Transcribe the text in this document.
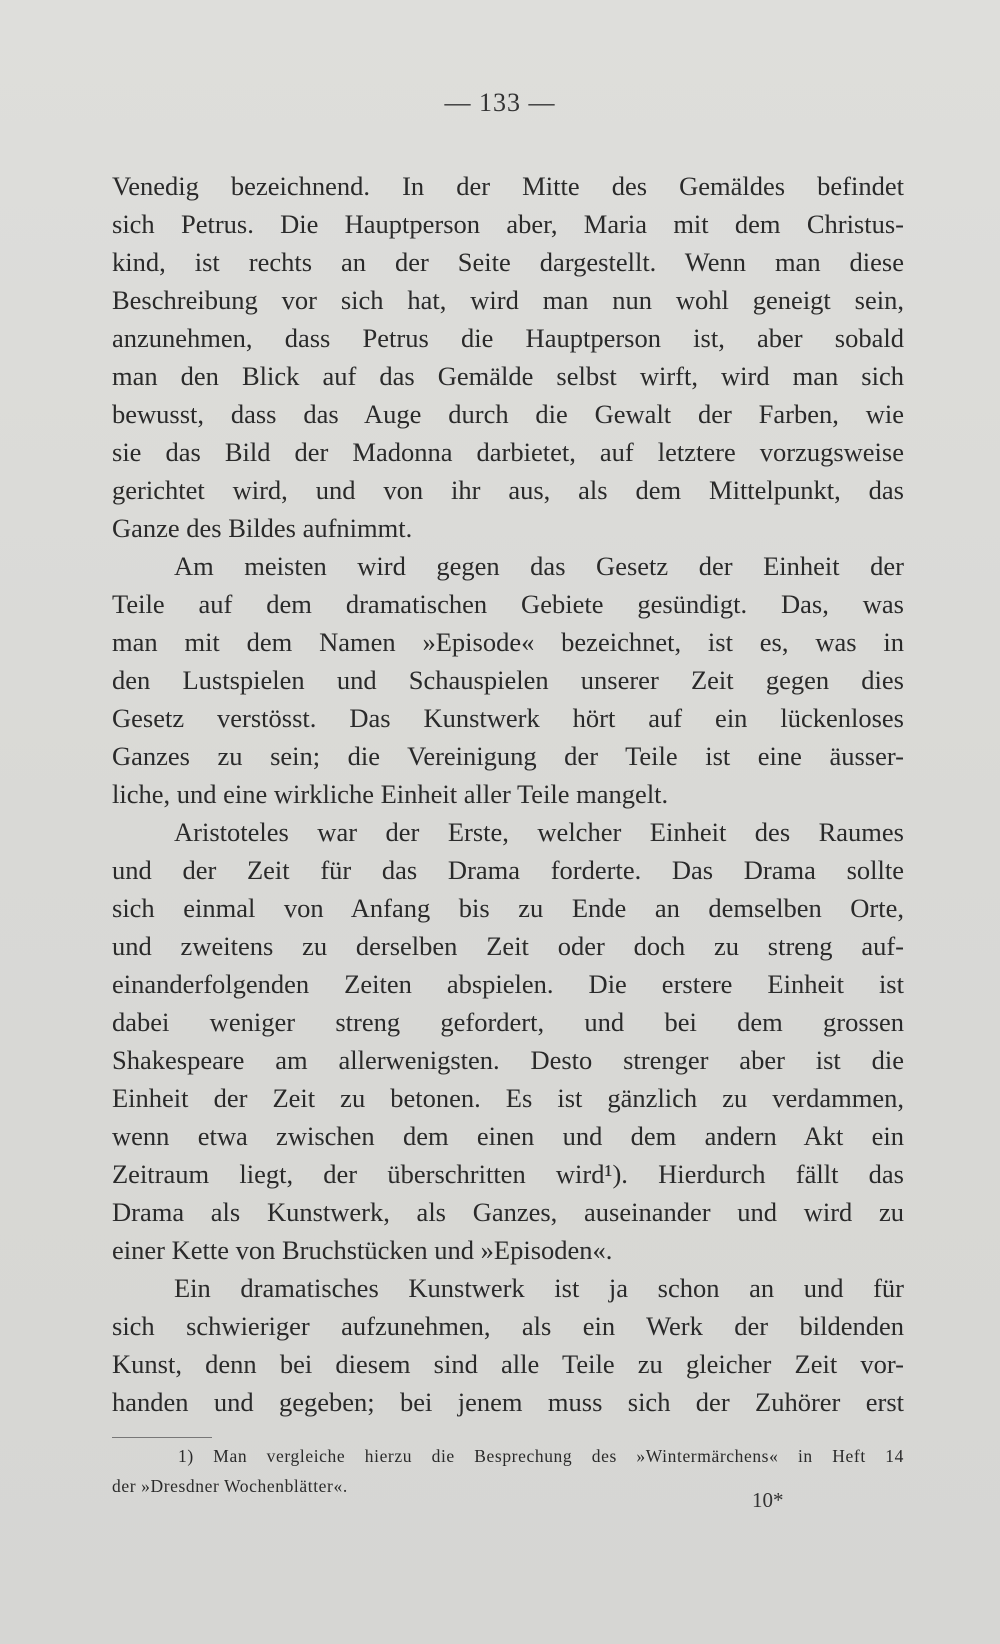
— 133 —
Venedig bezeichnend. In der Mitte des Gemäldes befindet
sich Petrus. Die Hauptperson aber, Maria mit dem Christus-
kind, ist rechts an der Seite dargestellt. Wenn man diese
Beschreibung vor sich hat, wird man nun wohl geneigt sein,
anzunehmen, dass Petrus die Hauptperson ist, aber sobald
man den Blick auf das Gemälde selbst wirft, wird man sich
bewusst, dass das Auge durch die Gewalt der Farben, wie
sie das Bild der Madonna darbietet, auf letztere vorzugsweise
gerichtet wird, und von ihr aus, als dem Mittelpunkt, das
Ganze des Bildes aufnimmt.
Am meisten wird gegen das Gesetz der Einheit der
Teile auf dem dramatischen Gebiete gesündigt. Das, was
man mit dem Namen »Episode« bezeichnet, ist es, was in
den Lustspielen und Schauspielen unserer Zeit gegen dies
Gesetz verstösst. Das Kunstwerk hört auf ein lückenloses
Ganzes zu sein; die Vereinigung der Teile ist eine äusser-
liche, und eine wirkliche Einheit aller Teile mangelt.
Aristoteles war der Erste, welcher Einheit des Raumes
und der Zeit für das Drama forderte. Das Drama sollte
sich einmal von Anfang bis zu Ende an demselben Orte,
und zweitens zu derselben Zeit oder doch zu streng auf-
einanderfolgenden Zeiten abspielen. Die erstere Einheit ist
dabei weniger streng gefordert, und bei dem grossen
Shakespeare am allerwenigsten. Desto strenger aber ist die
Einheit der Zeit zu betonen. Es ist gänzlich zu verdammen,
wenn etwa zwischen dem einen und dem andern Akt ein
Zeitraum liegt, der überschritten wird¹). Hierdurch fällt das
Drama als Kunstwerk, als Ganzes, auseinander und wird zu
einer Kette von Bruchstücken und »Episoden«.
Ein dramatisches Kunstwerk ist ja schon an und für
sich schwieriger aufzunehmen, als ein Werk der bildenden
Kunst, denn bei diesem sind alle Teile zu gleicher Zeit vor-
handen und gegeben; bei jenem muss sich der Zuhörer erst
1) Man vergleiche hierzu die Besprechung des »Wintermärchens« in Heft 14
der »Dresdner Wochenblätter«.
10*
